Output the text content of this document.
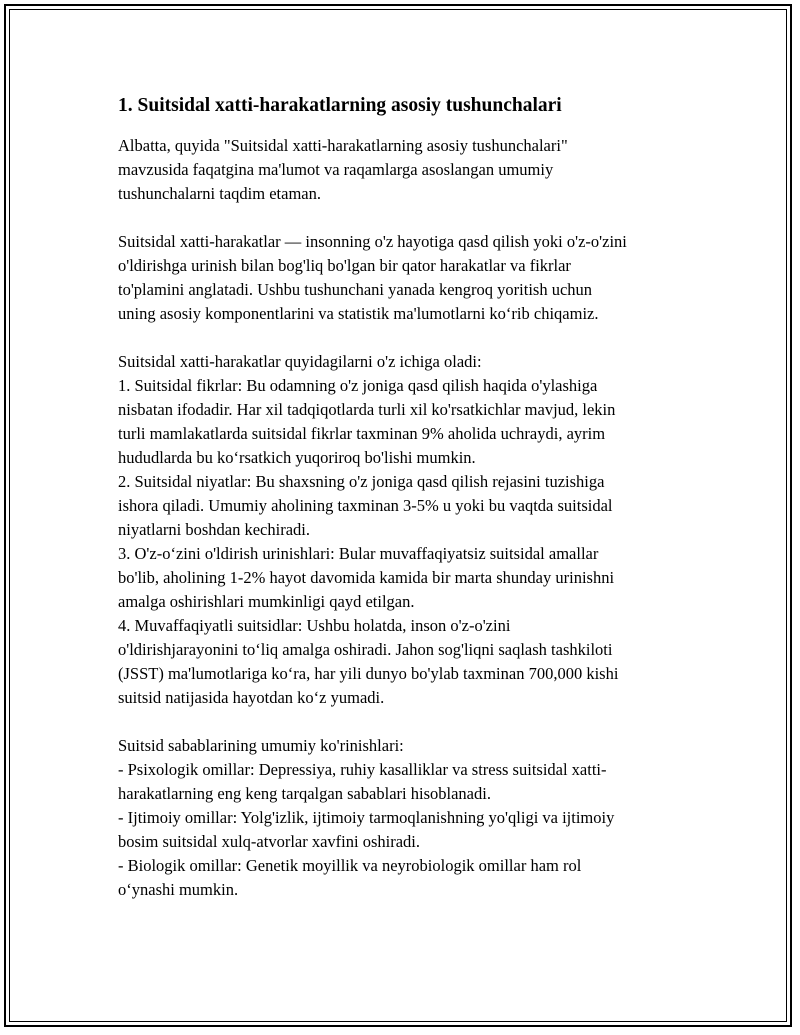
1. Suitsidal xatti-harakatlarning asosiy tushunchalari
Albatta, quyida "Suitsidal xatti-harakatlarning asosiy tushunchalari"
mavzusida faqatgina ma'lumot va raqamlarga asoslangan umumiy
tushunchalarni taqdim etaman.
Suitsidal xatti-harakatlar — insonning o'z hayotiga qasd qilish yoki o'z-o'zini
o'ldirishga urinish bilan bog'liq bo'lgan bir qator harakatlar va fikrlar
to'plamini anglatadi. Ushbu tushunchani yanada kengroq yoritish uchun
uning asosiy komponentlarini va statistik ma'lumotlarni koʻrib chiqamiz.
Suitsidal xatti-harakatlar quyidagilarni o'z ichiga oladi:
1. Suitsidal fikrlar: Bu odamning o'z joniga qasd qilish haqida o'ylashiga
nisbatan ifodadir. Har xil tadqiqotlarda turli xil ko'rsatkichlar mavjud, lekin
turli mamlakatlarda suitsidal fikrlar taxminan 9% aholida uchraydi, ayrim
hududlarda bu koʻrsatkich yuqoriroq bo'lishi mumkin.
2. Suitsidal niyatlar: Bu shaxsning o'z joniga qasd qilish rejasini tuzishiga
ishora qiladi. Umumiy aholining taxminan 3-5% u yoki bu vaqtda suitsidal
niyatlarni boshdan kechiradi.
3. O'z-oʻzini o'ldirish urinishlari: Bular muvaffaqiyatsiz suitsidal amallar
bo'lib, aholining 1-2% hayot davomida kamida bir marta shunday urinishni
amalga oshirishlari mumkinligi qayd etilgan.
4. Muvaffaqiyatli suitsidlar: Ushbu holatda, inson o'z-o'zini
o'ldirishjarayonini toʻliq amalga oshiradi. Jahon sog'liqni saqlash tashkiloti
(JSST) ma'lumotlariga koʻra, har yili dunyo bo'ylab taxminan 700,000 kishi
suitsid natijasida hayotdan koʻz yumadi.
Suitsid sabablarining umumiy ko'rinishlari:
- Psixologik omillar: Depressiya, ruhiy kasalliklar va stress suitsidal xatti-
harakatlarning eng keng tarqalgan sabablari hisoblanadi.
- Ijtimoiy omillar: Yolg'izlik, ijtimoiy tarmoqlanishning yo'qligi va ijtimoiy
bosim suitsidal xulq-atvorlar xavfini oshiradi.
- Biologik omillar: Genetik moyillik va neyrobiologik omillar ham rol
oʻynashi mumkin.
